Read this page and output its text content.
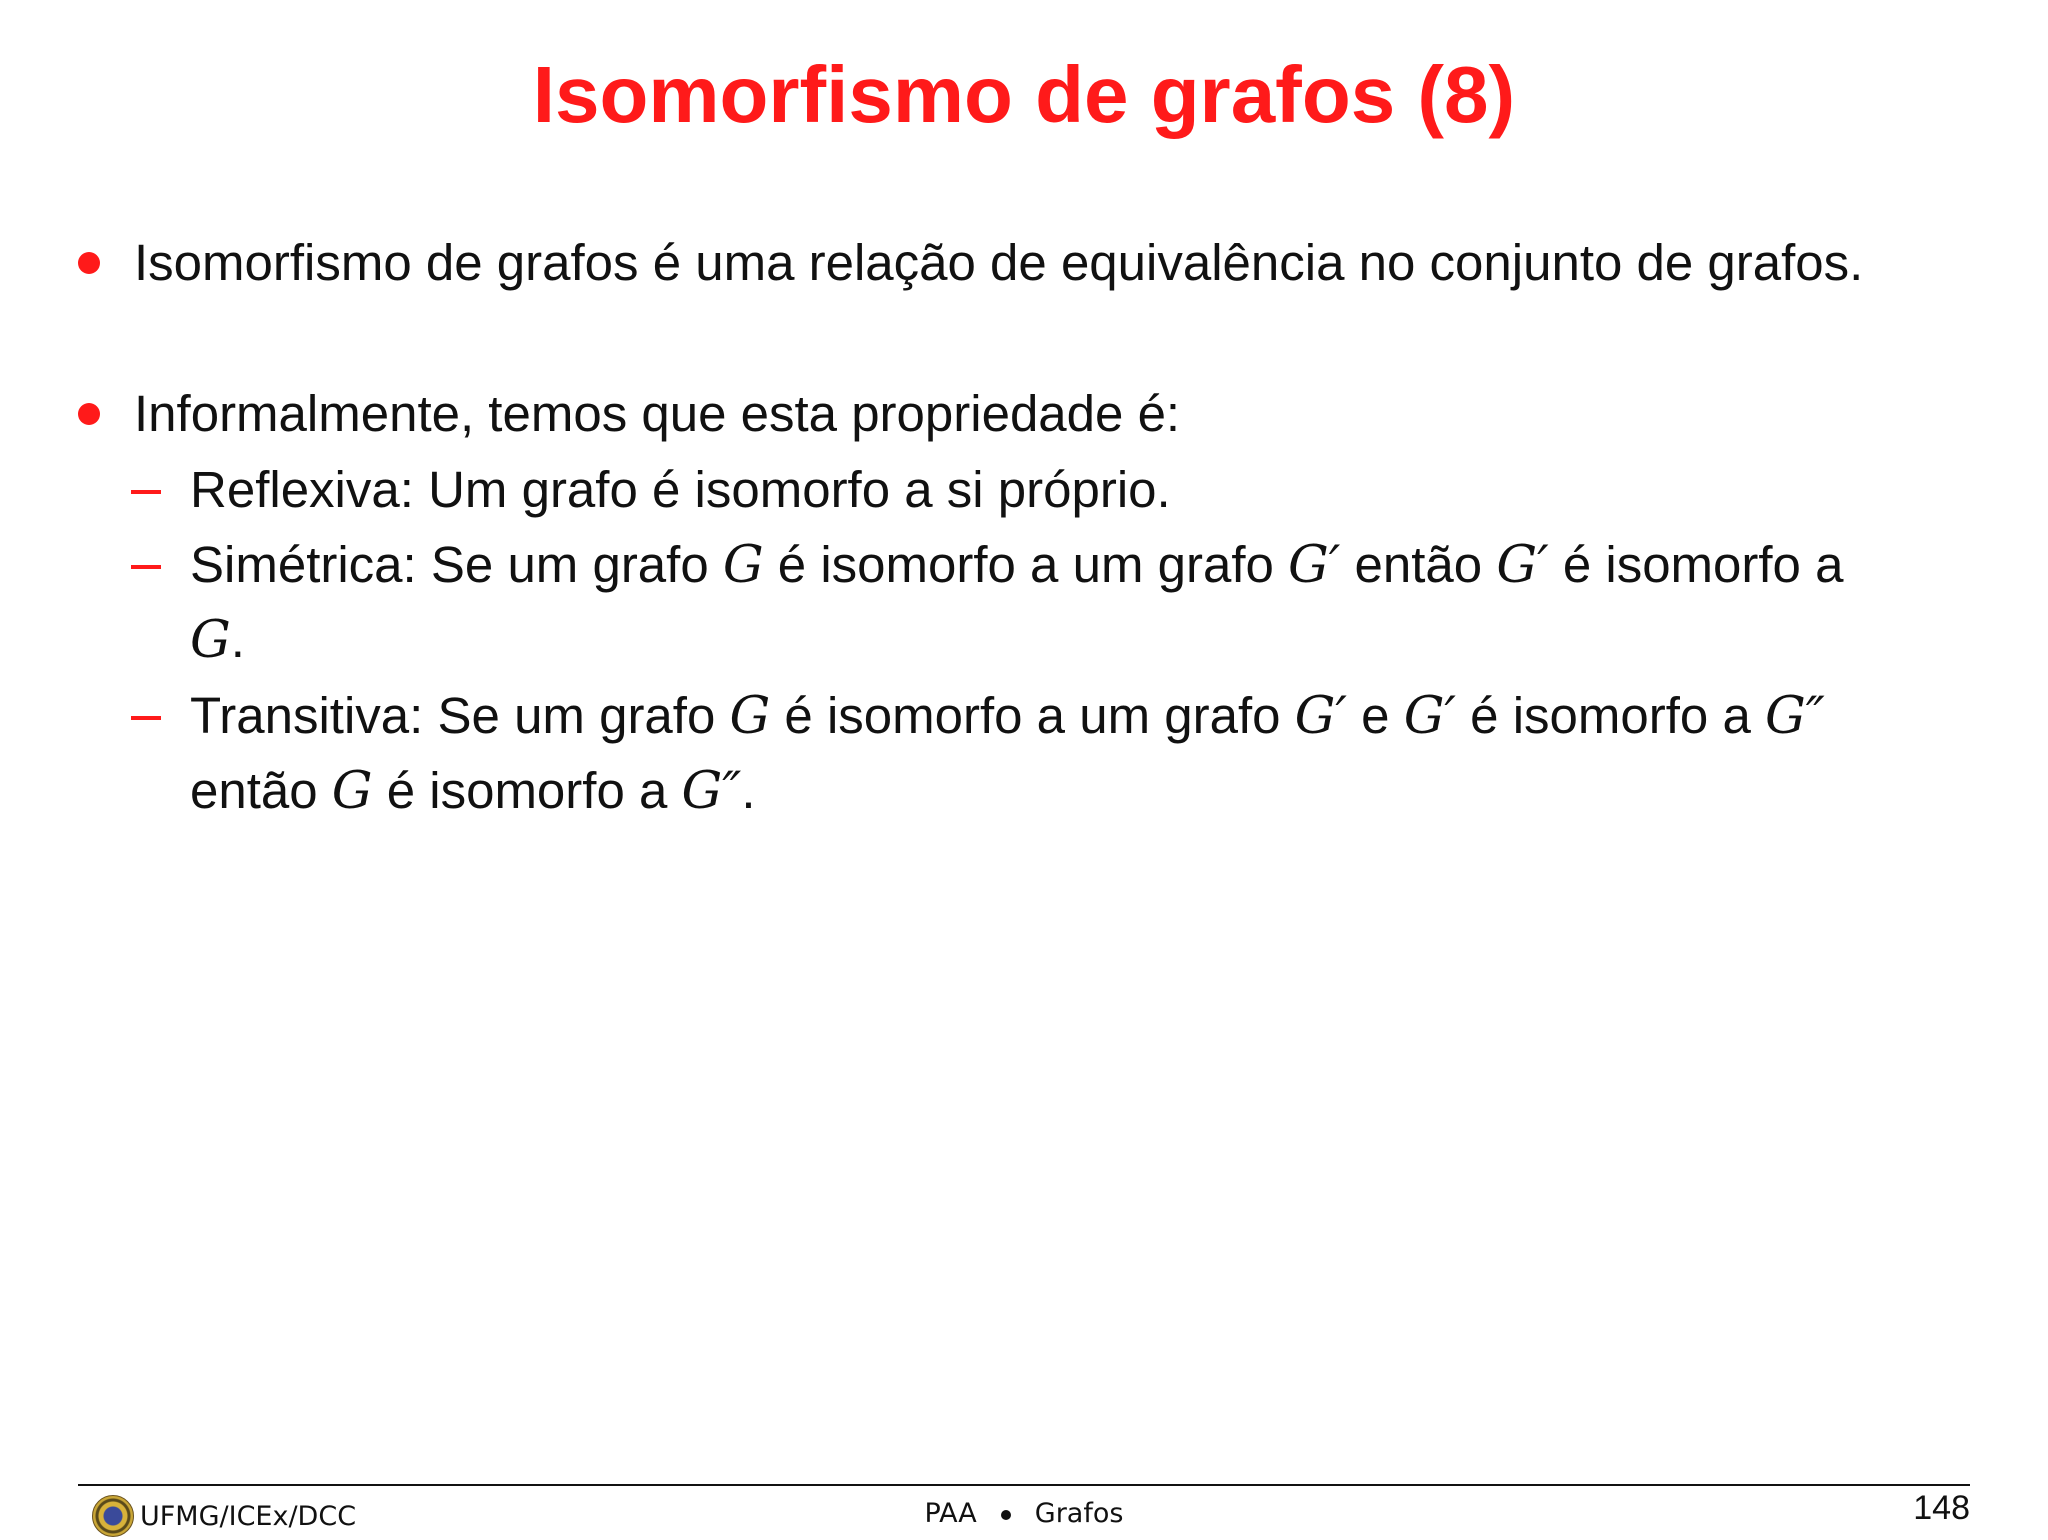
Isomorfismo de grafos (8)
Isomorfismo de grafos é uma relação de equivalência no conjunto de grafos.
Informalmente, temos que esta propriedade é:
Reflexiva: Um grafo é isomorfo a si próprio.
Simétrica: Se um grafo G é isomorfo a um grafo G′ então G′ é isomorfo a
G.
Transitiva: Se um grafo G é isomorfo a um grafo G′ e G′ é isomorfo a G″
então G é isomorfo a G″.
UFMG/ICEx/DCC	PAA Grafos	148
